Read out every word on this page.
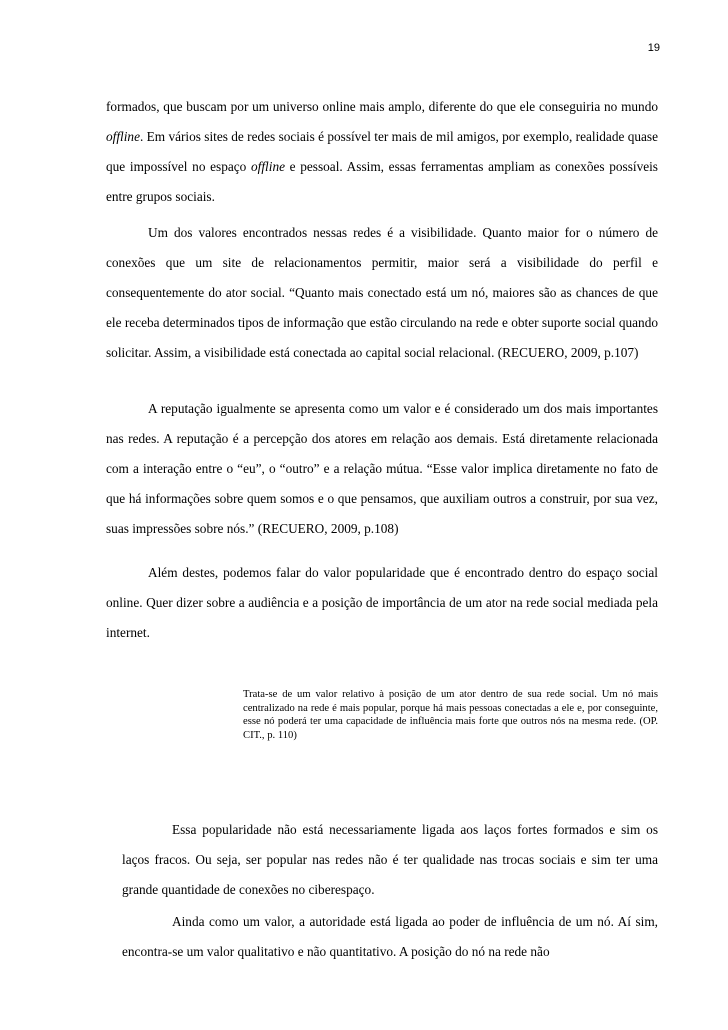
19

formados, que buscam por um universo online mais amplo, diferente do que ele conseguiria no mundo offline. Em vários sites de redes sociais é possível ter mais de mil amigos, por exemplo, realidade quase que impossível no espaço offline e pessoal. Assim, essas ferramentas ampliam as conexões possíveis entre grupos sociais.

Um dos valores encontrados nessas redes é a visibilidade. Quanto maior for o número de conexões que um site de relacionamentos permitir, maior será a visibilidade do perfil e consequentemente do ator social. “Quanto mais conectado está um nó, maiores são as chances de que ele receba determinados tipos de informação que estão circulando na rede e obter suporte social quando solicitar. Assim, a visibilidade está conectada ao capital social relacional. (RECUERO, 2009, p.107)

A reputação igualmente se apresenta como um valor e é considerado um dos mais importantes nas redes. A reputação é a percepção dos atores em relação aos demais. Está diretamente relacionada com a interação entre o “eu”, o “outro” e a relação mútua. “Esse valor implica diretamente no fato de que há informações sobre quem somos e o que pensamos, que auxiliam outros a construir, por sua vez, suas impressões sobre nós.” (RECUERO, 2009, p.108)

Além destes, podemos falar do valor popularidade que é encontrado dentro do espaço social online. Quer dizer sobre a audiência e a posição de importância de um ator na rede social mediada pela internet.

Trata-se de um valor relativo à posição de um ator dentro de sua rede social. Um nó mais centralizado na rede é mais popular, porque há mais pessoas conectadas a ele e, por conseguinte, esse nó poderá ter uma capacidade de influência mais forte que outros nós na mesma rede. (OP. CIT., p. 110)

Essa popularidade não está necessariamente ligada aos laços fortes formados e sim os laços fracos. Ou seja, ser popular nas redes não é ter qualidade nas trocas sociais e sim ter uma grande quantidade de conexões no ciberespaço.

Ainda como um valor, a autoridade está ligada ao poder de influência de um nó. Aí sim, encontra-se um valor qualitativo e não quantitativo. A posição do nó na rede não
